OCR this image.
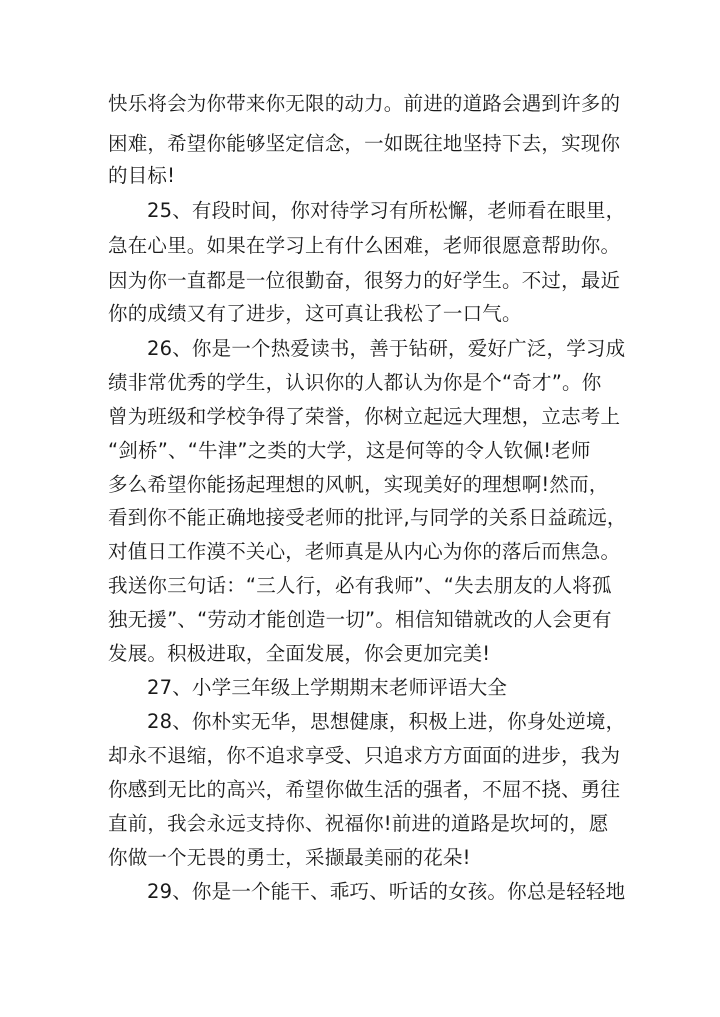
快乐将会为你带来你无限的动力。前进的道路会遇到许多的
困难，希望你能够坚定信念，一如既往地坚持下去，实现你
的目标!
25、有段时间，你对待学习有所松懈，老师看在眼里，
急在心里。如果在学习上有什么困难，老师很愿意帮助你。
因为你一直都是一位很勤奋，很努力的好学生。不过，最近
你的成绩又有了进步，这可真让我松了一口气。
26、你是一个热爱读书，善于钻研，爱好广泛，学习成
绩非常优秀的学生，认识你的人都认为你是个“奇才”。你
曾为班级和学校争得了荣誉，你树立起远大理想，立志考上
“剑桥”、“牛津”之类的大学，这是何等的令人钦佩!老师
多么希望你能扬起理想的风帆，实现美好的理想啊!然而，
看到你不能正确地接受老师的批评,与同学的关系日益疏远，
对值日工作漠不关心，老师真是从内心为你的落后而焦急。
我送你三句话：“三人行，必有我师”、“失去朋友的人将孤
独无援”、“劳动才能创造一切”。相信知错就改的人会更有
发展。积极进取，全面发展，你会更加完美!
27、小学三年级上学期期末老师评语大全
28、你朴实无华，思想健康，积极上进，你身处逆境，
却永不退缩，你不追求享受、只追求方方面面的进步，我为
你感到无比的高兴，希望你做生活的强者，不屈不挠、勇往
直前，我会永远支持你、祝福你!前进的道路是坎坷的，愿
你做一个无畏的勇士，采撷最美丽的花朵!
29、你是一个能干、乖巧、听话的女孩。你总是轻轻地
